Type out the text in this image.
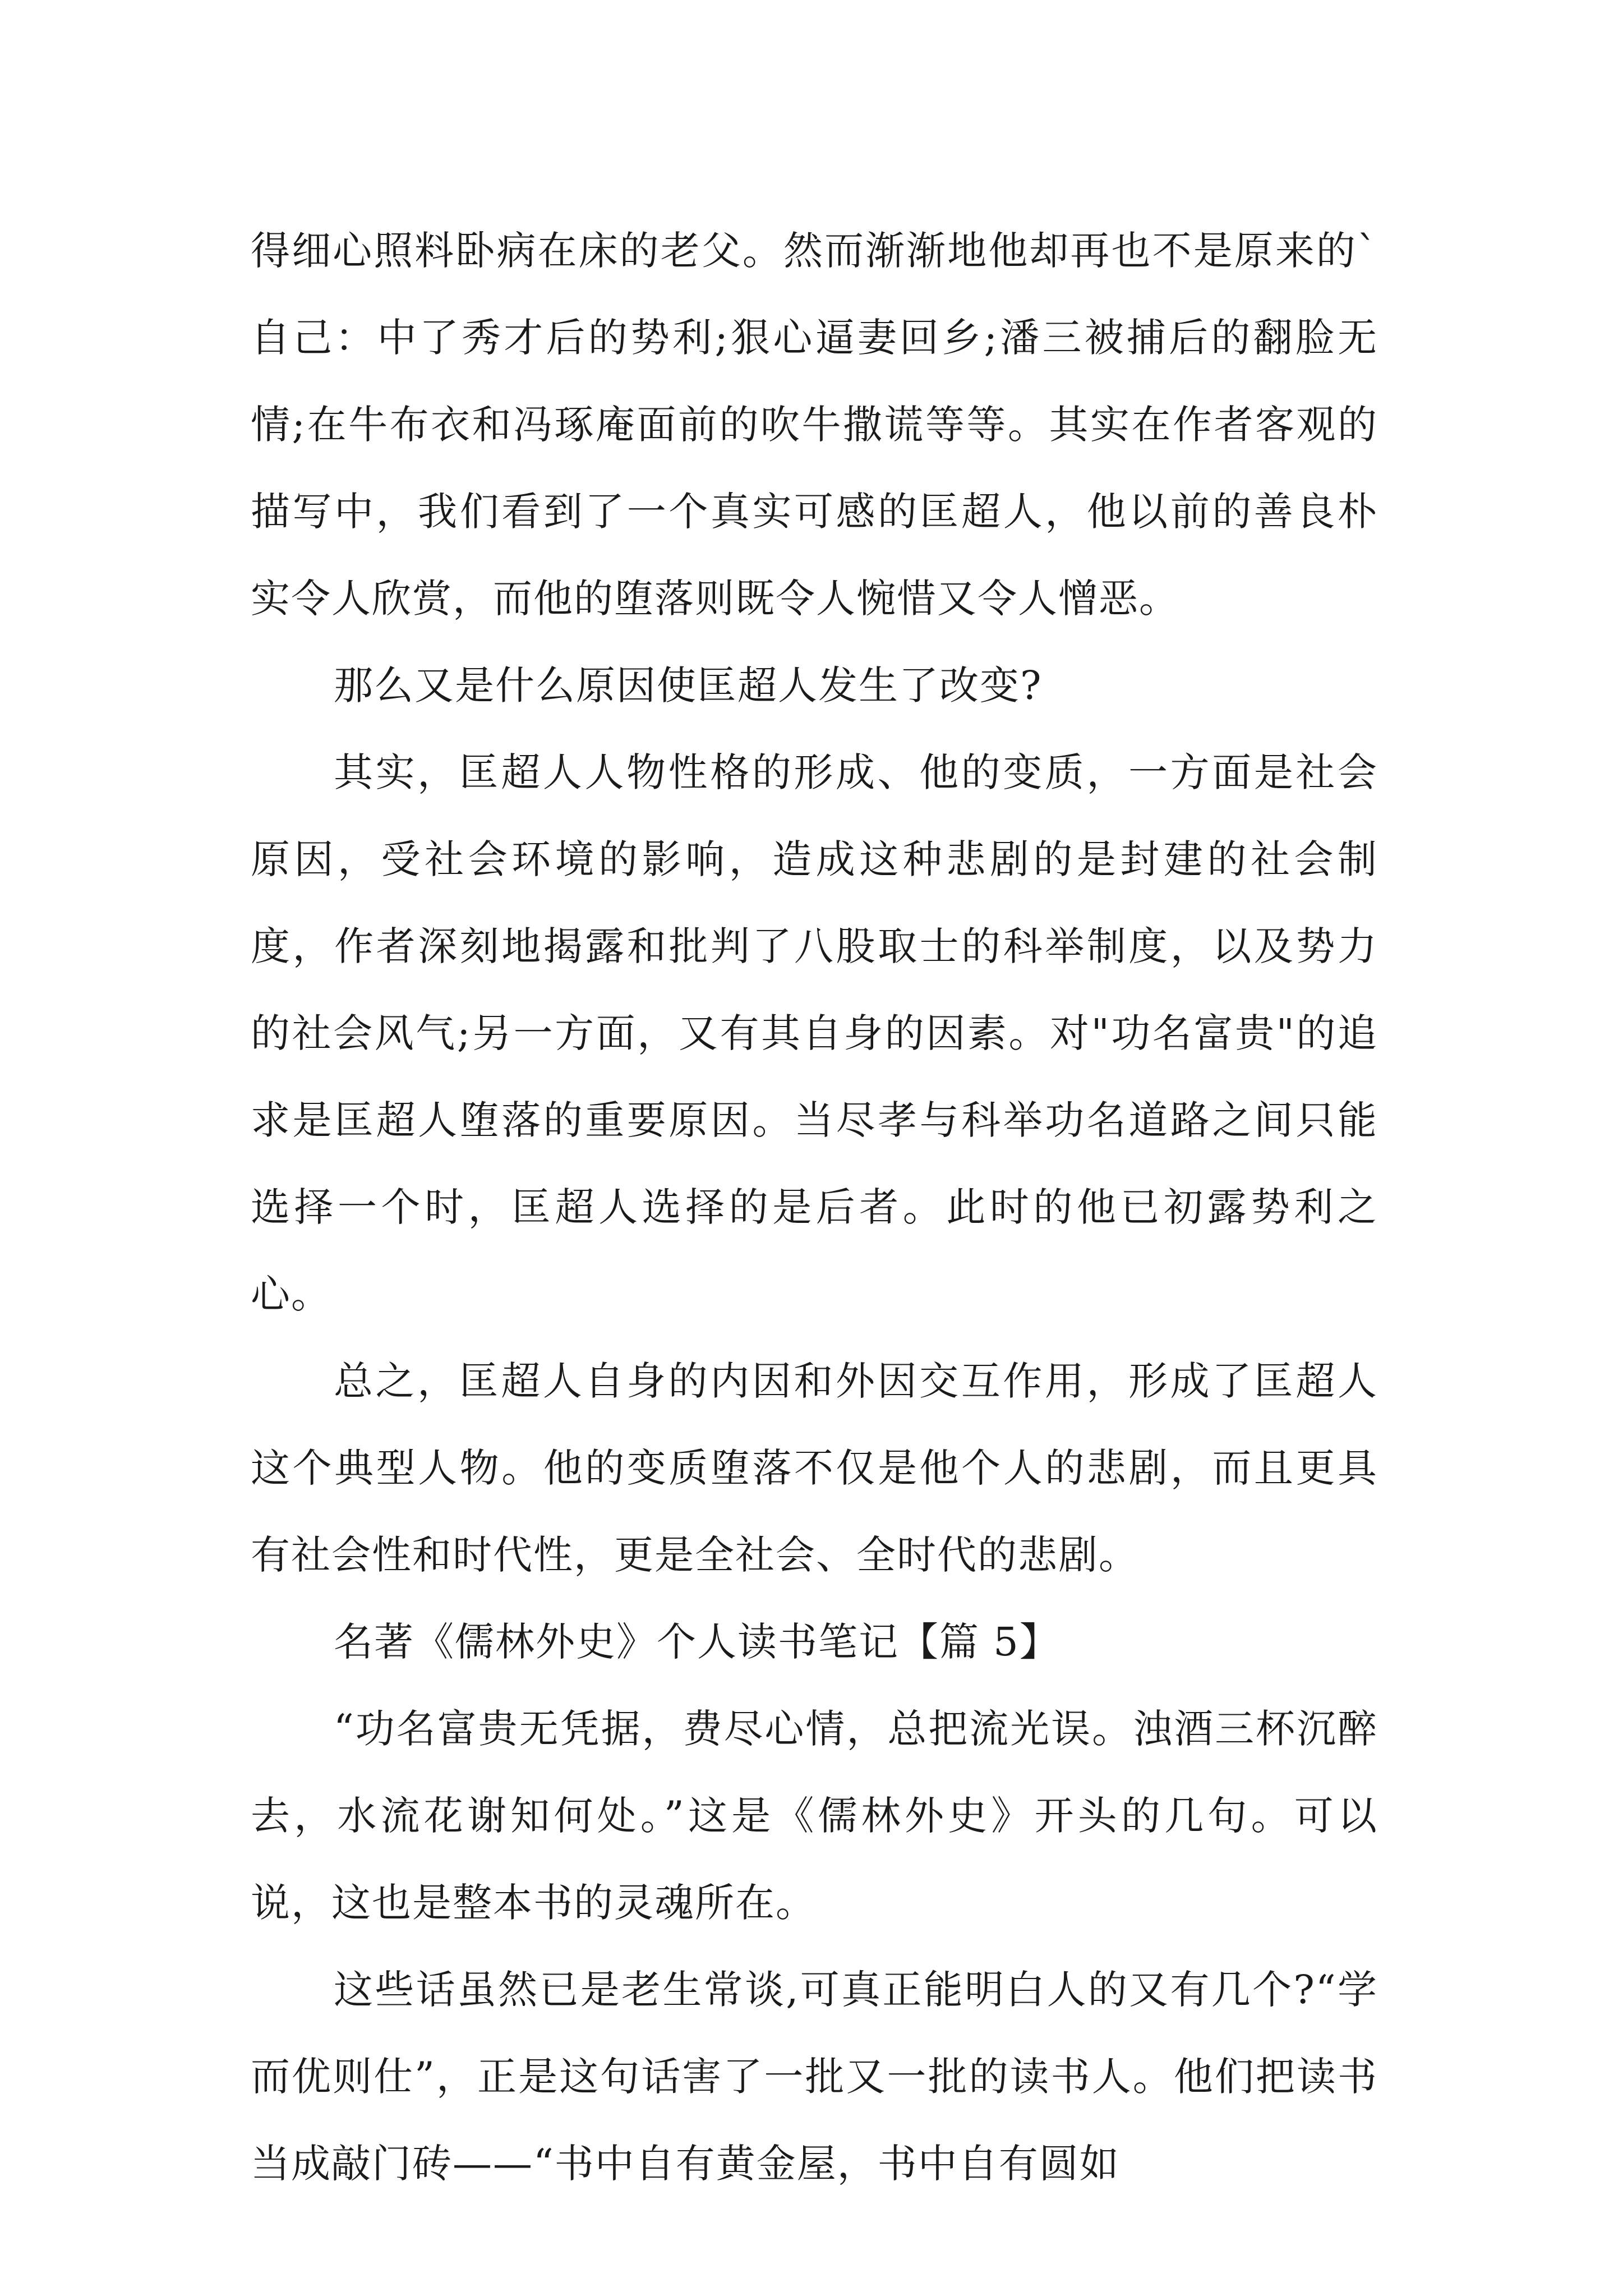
得细心照料卧病在床的老父。然而渐渐地他却再也不是原来的`自己：中了秀才后的势利;狠心逼妻回乡;潘三被捕后的翻脸无情;在牛布衣和冯琢庵面前的吹牛撒谎等等。其实在作者客观的描写中，我们看到了一个真实可感的匡超人，他以前的善良朴实令人欣赏，而他的堕落则既令人惋惜又令人憎恶。

那么又是什么原因使匡超人发生了改变?

其实，匡超人人物性格的形成、他的变质，一方面是社会原因，受社会环境的影响，造成这种悲剧的是封建的社会制度，作者深刻地揭露和批判了八股取士的科举制度，以及势力的社会风气;另一方面，又有其自身的因素。对"功名富贵"的追求是匡超人堕落的重要原因。当尽孝与科举功名道路之间只能选择一个时，匡超人选择的是后者。此时的他已初露势利之心。

总之，匡超人自身的内因和外因交互作用，形成了匡超人这个典型人物。他的变质堕落不仅是他个人的悲剧，而且更具有社会性和时代性，更是全社会、全时代的悲剧。

名著《儒林外史》个人读书笔记【篇 5】

“功名富贵无凭据，费尽心情，总把流光误。浊酒三杯沉醉去，水流花谢知何处。”这是《儒林外史》开头的几句。可以说，这也是整本书的灵魂所在。

这些话虽然已是老生常谈,可真正能明白人的又有几个?“学而优则仕”，正是这句话害了一批又一批的读书人。他们把读书当成敲门砖——“书中自有黄金屋，书中自有圆如
